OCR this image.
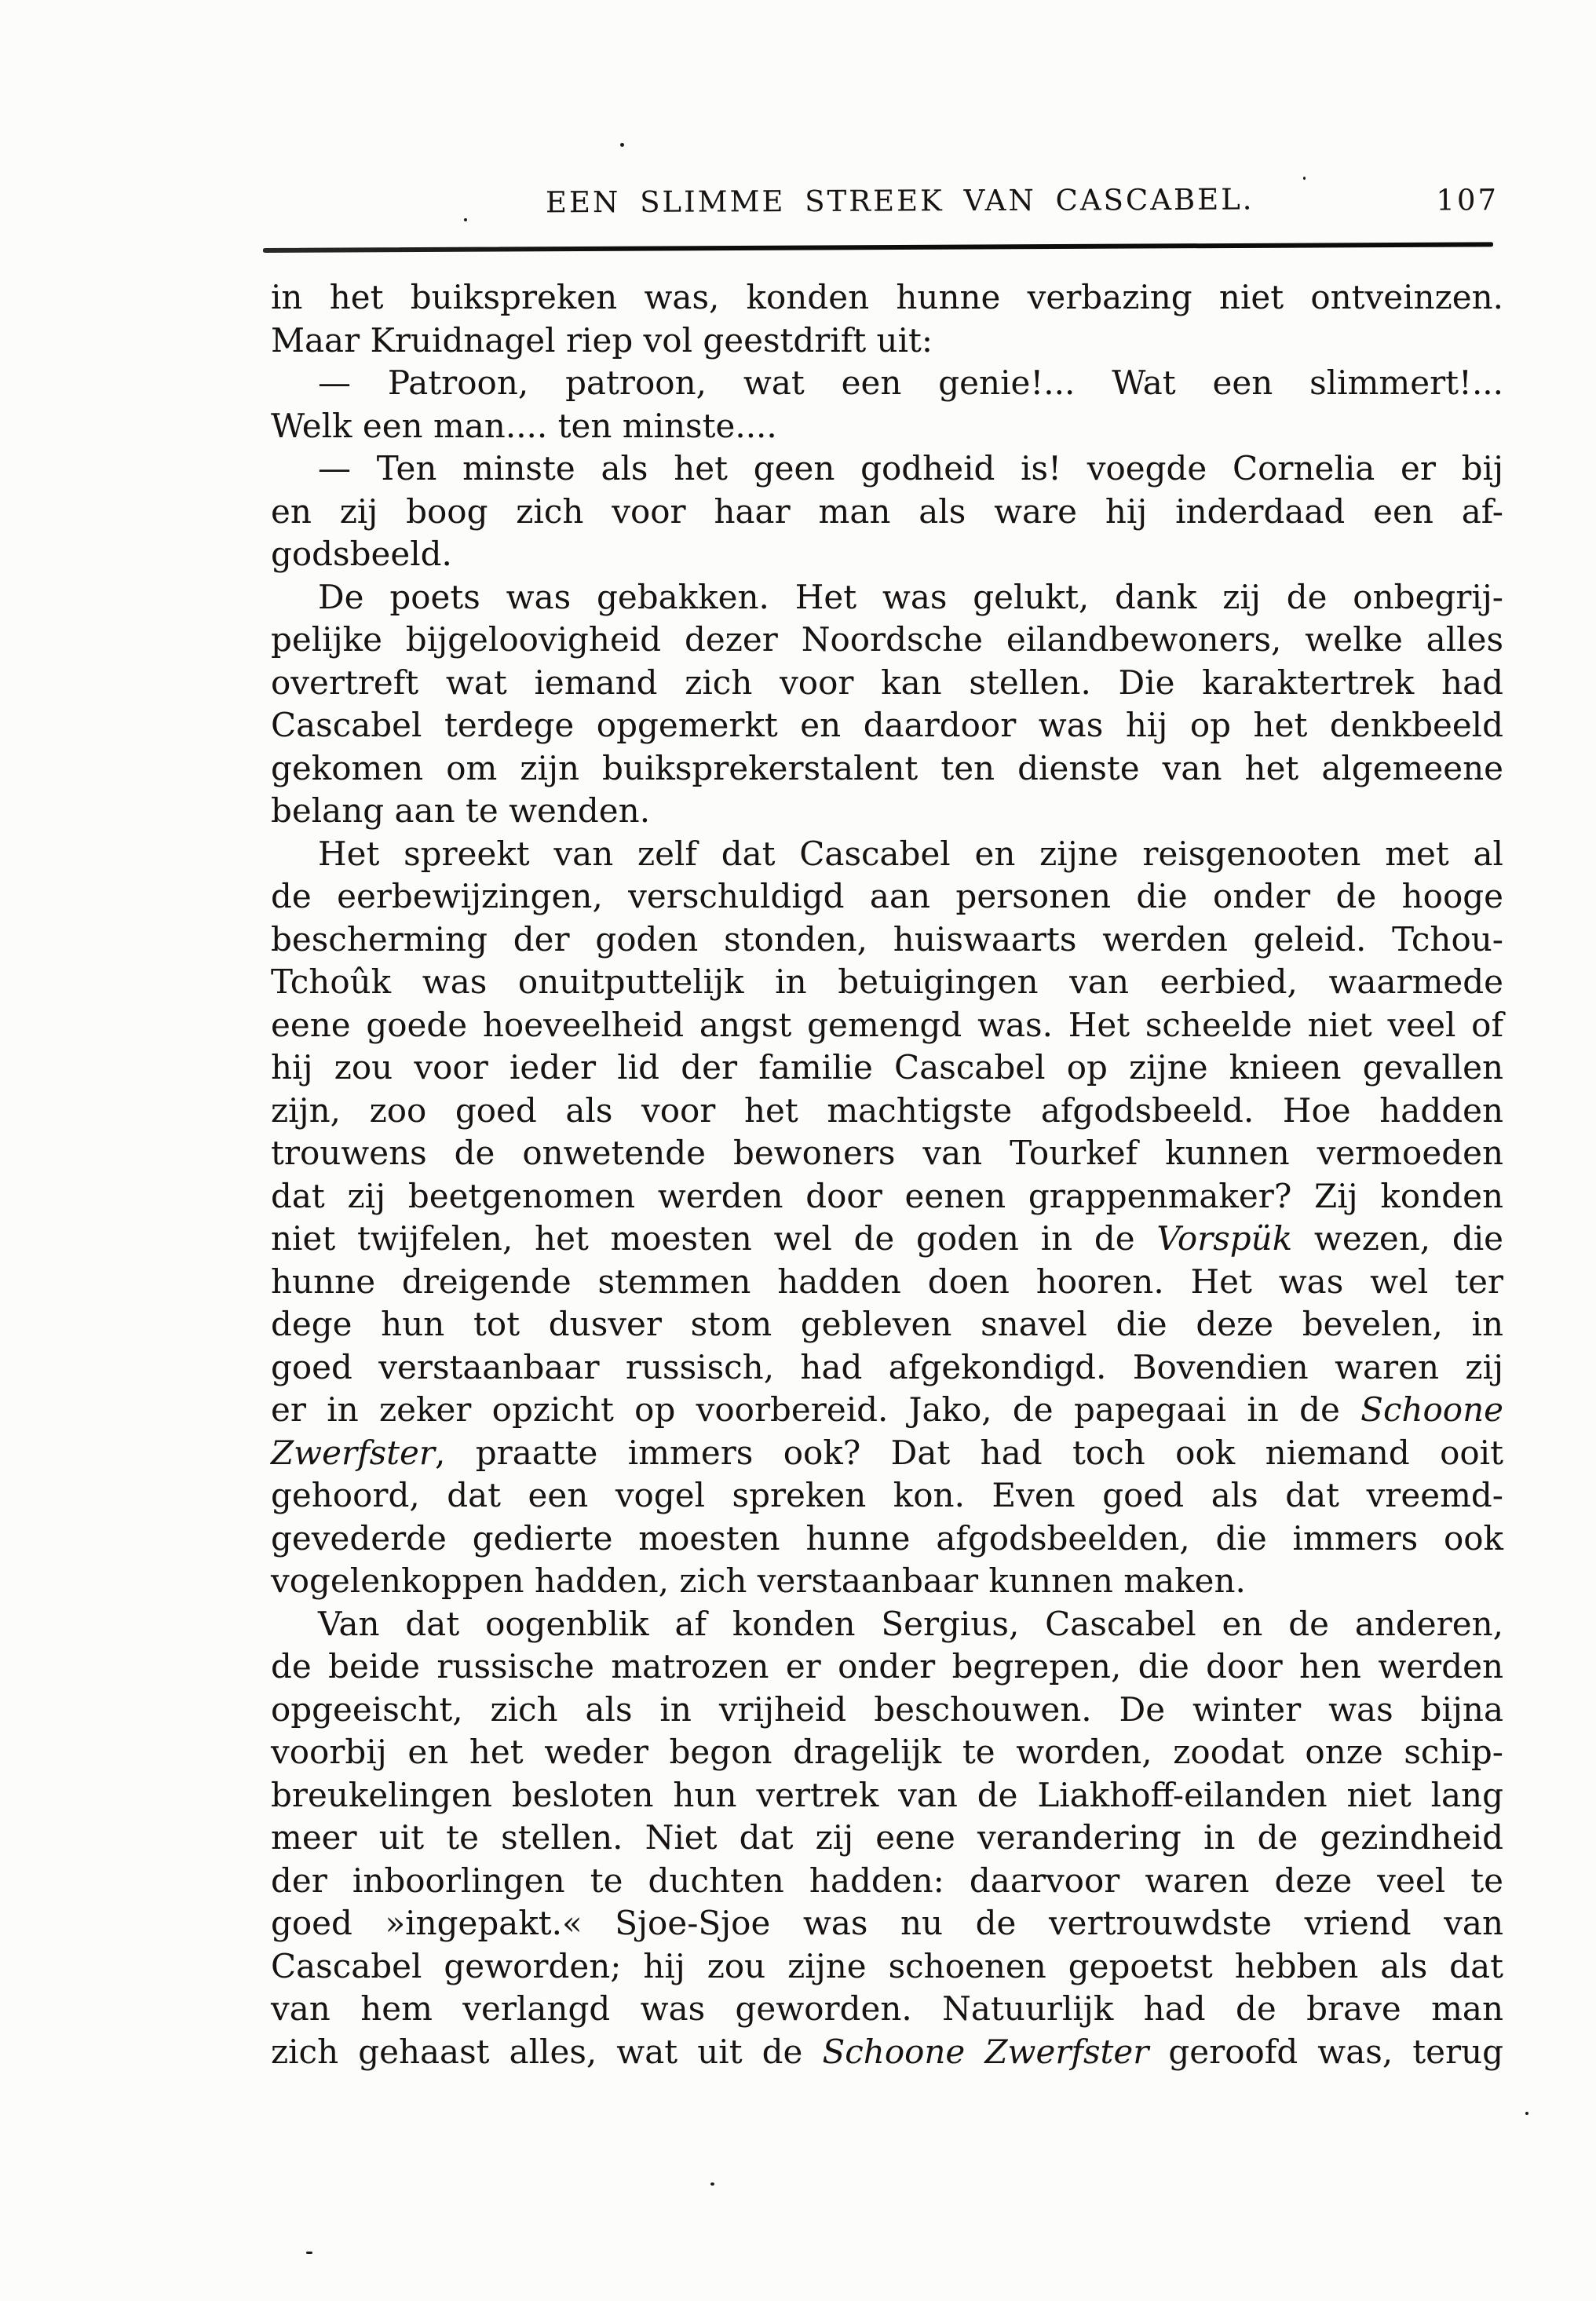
EEN SLIMME STREEK VAN CASCABEL.	107
in het buikspreken was, konden hunne verbazing niet ontveinzen.
Maar Kruidnagel riep vol geestdrift uit:
— Patroon, patroon, wat een genie!... Wat een slimmert!...
Welk een man.... ten minste....
— Ten minste als het geen godheid is! voegde Cornelia er bij
en zij boog zich voor haar man als ware hij inderdaad een af-
godsbeeld.
De poets was gebakken. Het was gelukt, dank zij de onbegrij-
pelijke bijgeloovigheid dezer Noordsche eilandbewoners, welke alles
overtreft wat iemand zich voor kan stellen. Die karaktertrek had
Cascabel terdege opgemerkt en daardoor was hij op het denkbeeld
gekomen om zijn buiksprekerstalent ten dienste van het algemeene
belang aan te wenden.
Het spreekt van zelf dat Cascabel en zijne reisgenooten met al
de eerbewijzingen, verschuldigd aan personen die onder de hooge
bescherming der goden stonden, huiswaarts werden geleid. Tchou-
Tchoûk was onuitputtelijk in betuigingen van eerbied, waarmede
eene goede hoeveelheid angst gemengd was. Het scheelde niet veel of
hij zou voor ieder lid der familie Cascabel op zijne knieen gevallen
zijn, zoo goed als voor het machtigste afgodsbeeld. Hoe hadden
trouwens de onwetende bewoners van Tourkef kunnen vermoeden
dat zij beetgenomen werden door eenen grappenmaker? Zij konden
niet twijfelen, het moesten wel de goden in de Vorspük wezen, die
hunne dreigende stemmen hadden doen hooren. Het was wel ter
dege hun tot dusver stom gebleven snavel die deze bevelen, in
goed verstaanbaar russisch, had afgekondigd. Bovendien waren zij
er in zeker opzicht op voorbereid. Jako, de papegaai in de Schoone
Zwerfster, praatte immers ook? Dat had toch ook niemand ooit
gehoord, dat een vogel spreken kon. Even goed als dat vreemd-
gevederde gedierte moesten hunne afgodsbeelden, die immers ook
vogelenkoppen hadden, zich verstaanbaar kunnen maken.
Van dat oogenblik af konden Sergius, Cascabel en de anderen,
de beide russische matrozen er onder begrepen, die door hen werden
opgeeischt, zich als in vrijheid beschouwen. De winter was bijna
voorbij en het weder begon dragelijk te worden, zoodat onze schip-
breukelingen besloten hun vertrek van de Liakhoff-eilanden niet lang
meer uit te stellen. Niet dat zij eene verandering in de gezindheid
der inboorlingen te duchten hadden: daarvoor waren deze veel te
goed »ingepakt.« Sjoe-Sjoe was nu de vertrouwdste vriend van
Cascabel geworden; hij zou zijne schoenen gepoetst hebben als dat
van hem verlangd was geworden. Natuurlijk had de brave man
zich gehaast alles, wat uit de Schoone Zwerfster geroofd was, terug
